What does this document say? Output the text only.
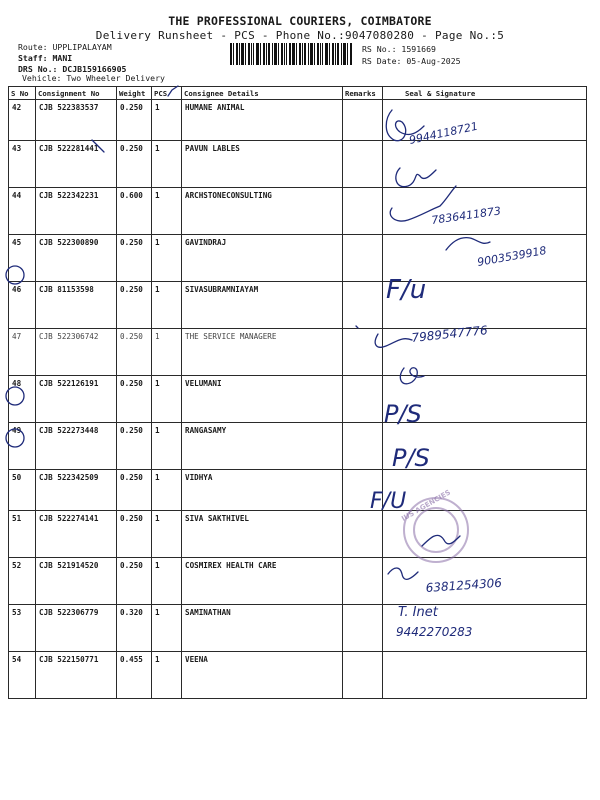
THE PROFESSIONAL COURIERS, COIMBATORE
Delivery Runsheet - PCS - Phone No.:9047080280 - Page No.:5
Route: UPPLIPALAYAM
Staff: MANI
DRS No.: DCJB159166905
Vehicle: Two Wheeler Delivery
RS No.: 1591669
RS Date: 05-Aug-2025
S No	Consignment No	Weight	PCS	Consignee Details	Remarks	Seal & Signature
42	CJB 522383537	0.250	1	HUMANE ANIMAL		
43	CJB 522281441	0.250	1	PAVUN LABLES		
44	CJB 522342231	0.600	1	ARCHSTONECONSULTING		
45	CJB 522300890	0.250	1	GAVINDRAJ		
46	CJB 81153598	0.250	1	SIVASUBRAMNIAYAM		
47	CJB 522306742	0.250	1	THE SERVICE MANAGERE		
48	CJB 522126191	0.250	1	VELUMANI		
49	CJB 522273448	0.250	1	RANGASAMY		
50	CJB 522342509	0.250	1	VIDHYA		
51	CJB 522274141	0.250	1	SIVA SAKTHIVEL		
52	CJB 521914520	0.250	1	COSMIREX HEALTH CARE		
53	CJB 522306779	0.320	1	SAMINATHAN		
54	CJB 522150771	0.455	1	VEENA		
9944118721
7836411873
9003539918
F/u
7989547776
P/S
P/S
F/U
IUS AGENCIES
6381254306
T. Inet
9442270283
